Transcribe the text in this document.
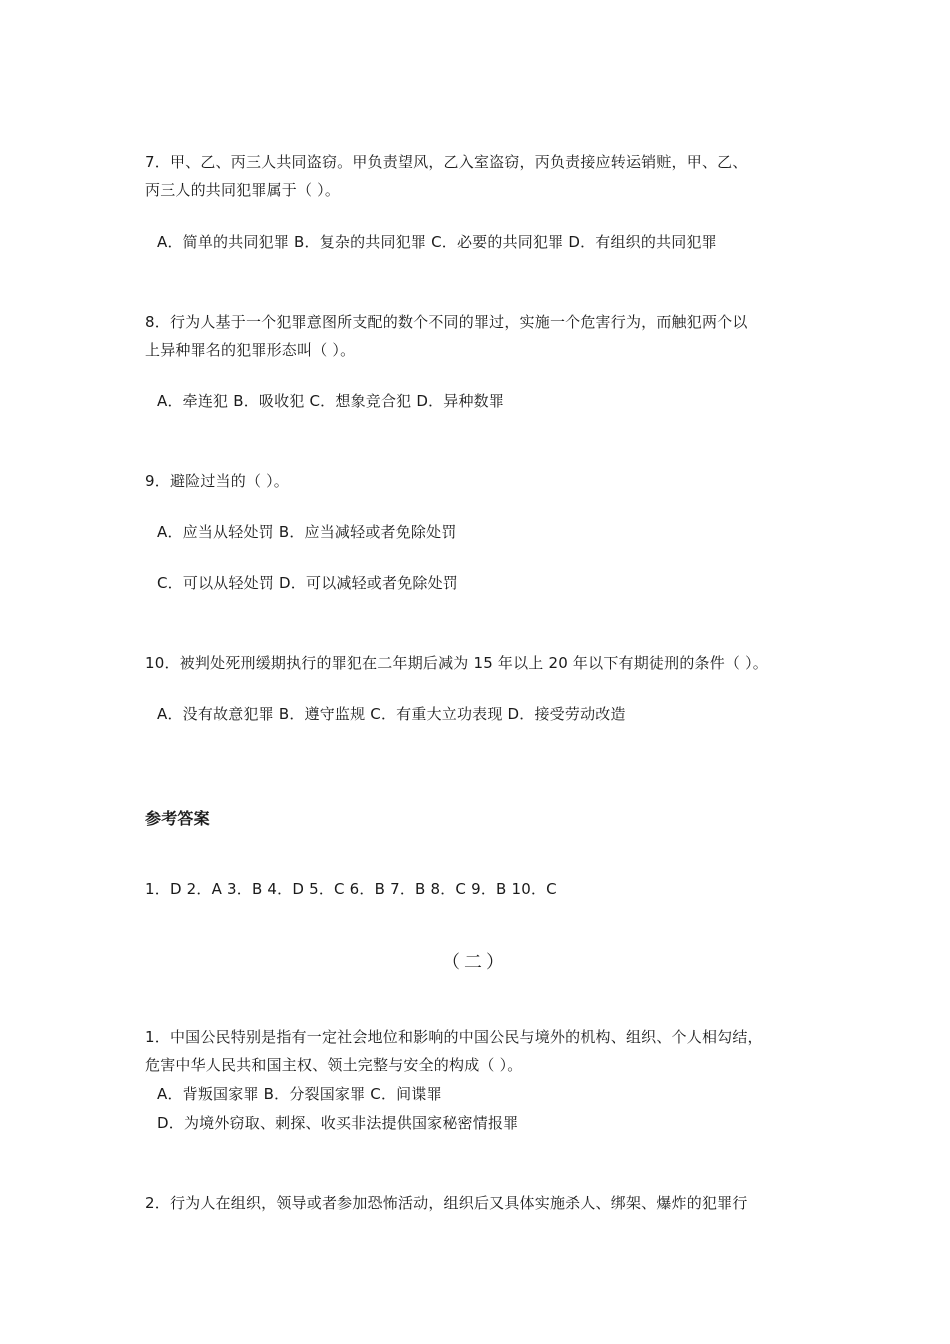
7．甲、乙、丙三人共同盗窃。甲负责望风，乙入室盗窃，丙负责接应转运销赃，甲、乙、
丙三人的共同犯罪属于（ ）。
A．简单的共同犯罪 B．复杂的共同犯罪 C．必要的共同犯罪 D．有组织的共同犯罪
8．行为人基于一个犯罪意图所支配的数个不同的罪过，实施一个危害行为，而触犯两个以
上异种罪名的犯罪形态叫（ ）。
A．牵连犯 B．吸收犯 C．想象竞合犯 D．异种数罪
9．避险过当的（ ）。
A．应当从轻处罚 B．应当减轻或者免除处罚
C．可以从轻处罚 D．可以减轻或者免除处罚
10．被判处死刑缓期执行的罪犯在二年期后减为 15 年以上 20 年以下有期徒刑的条件（ ）。
A．没有故意犯罪 B．遵守监规 C．有重大立功表现 D．接受劳动改造
参考答案
1．D 2．A 3．B 4．D 5．C 6．B 7．B 8．C 9．B 10．C
（二）
1．中国公民特别是指有一定社会地位和影响的中国公民与境外的机构、组织、个人相勾结，
危害中华人民共和国主权、领土完整与安全的构成（ ）。
A．背叛国家罪 B．分裂国家罪 C．间谍罪
D．为境外窃取、刺探、收买非法提供国家秘密情报罪
2．行为人在组织，领导或者参加恐怖活动，组织后又具体实施杀人、绑架、爆炸的犯罪行
